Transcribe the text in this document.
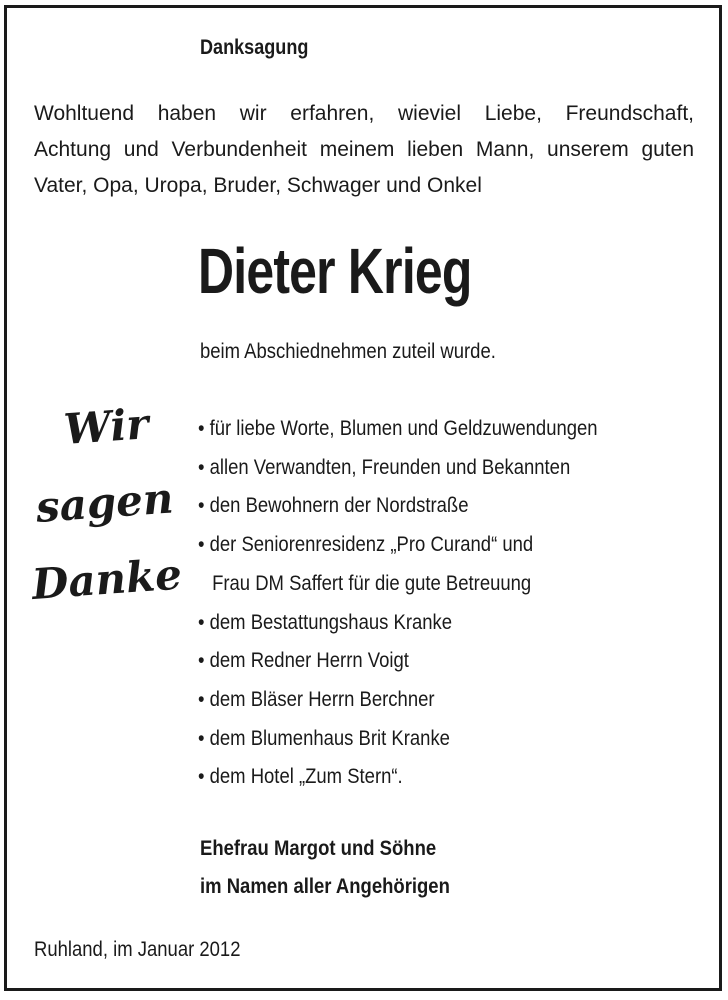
Danksagung
Wohltuend haben wir erfahren, wieviel Liebe, Freundschaft,
Achtung und Verbundenheit meinem lieben Mann, unserem guten
Vater, Opa, Uropa, Bruder, Schwager und Onkel
Dieter Krieg
beim Abschiednehmen zuteil wurde.
Wir
sagen
Danke
• für liebe Worte, Blumen und Geldzuwendungen
• allen Verwandten, Freunden und Bekannten
• den Bewohnern der Nordstraße
• der Seniorenresidenz „Pro Curand“ und
Frau DM Saffert für die gute Betreuung
• dem Bestattungshaus Kranke
• dem Redner Herrn Voigt
• dem Bläser Herrn Berchner
• dem Blumenhaus Brit Kranke
• dem Hotel „Zum Stern“.
Ehefrau Margot und Söhne
im Namen aller Angehörigen
Ruhland, im Januar 2012
